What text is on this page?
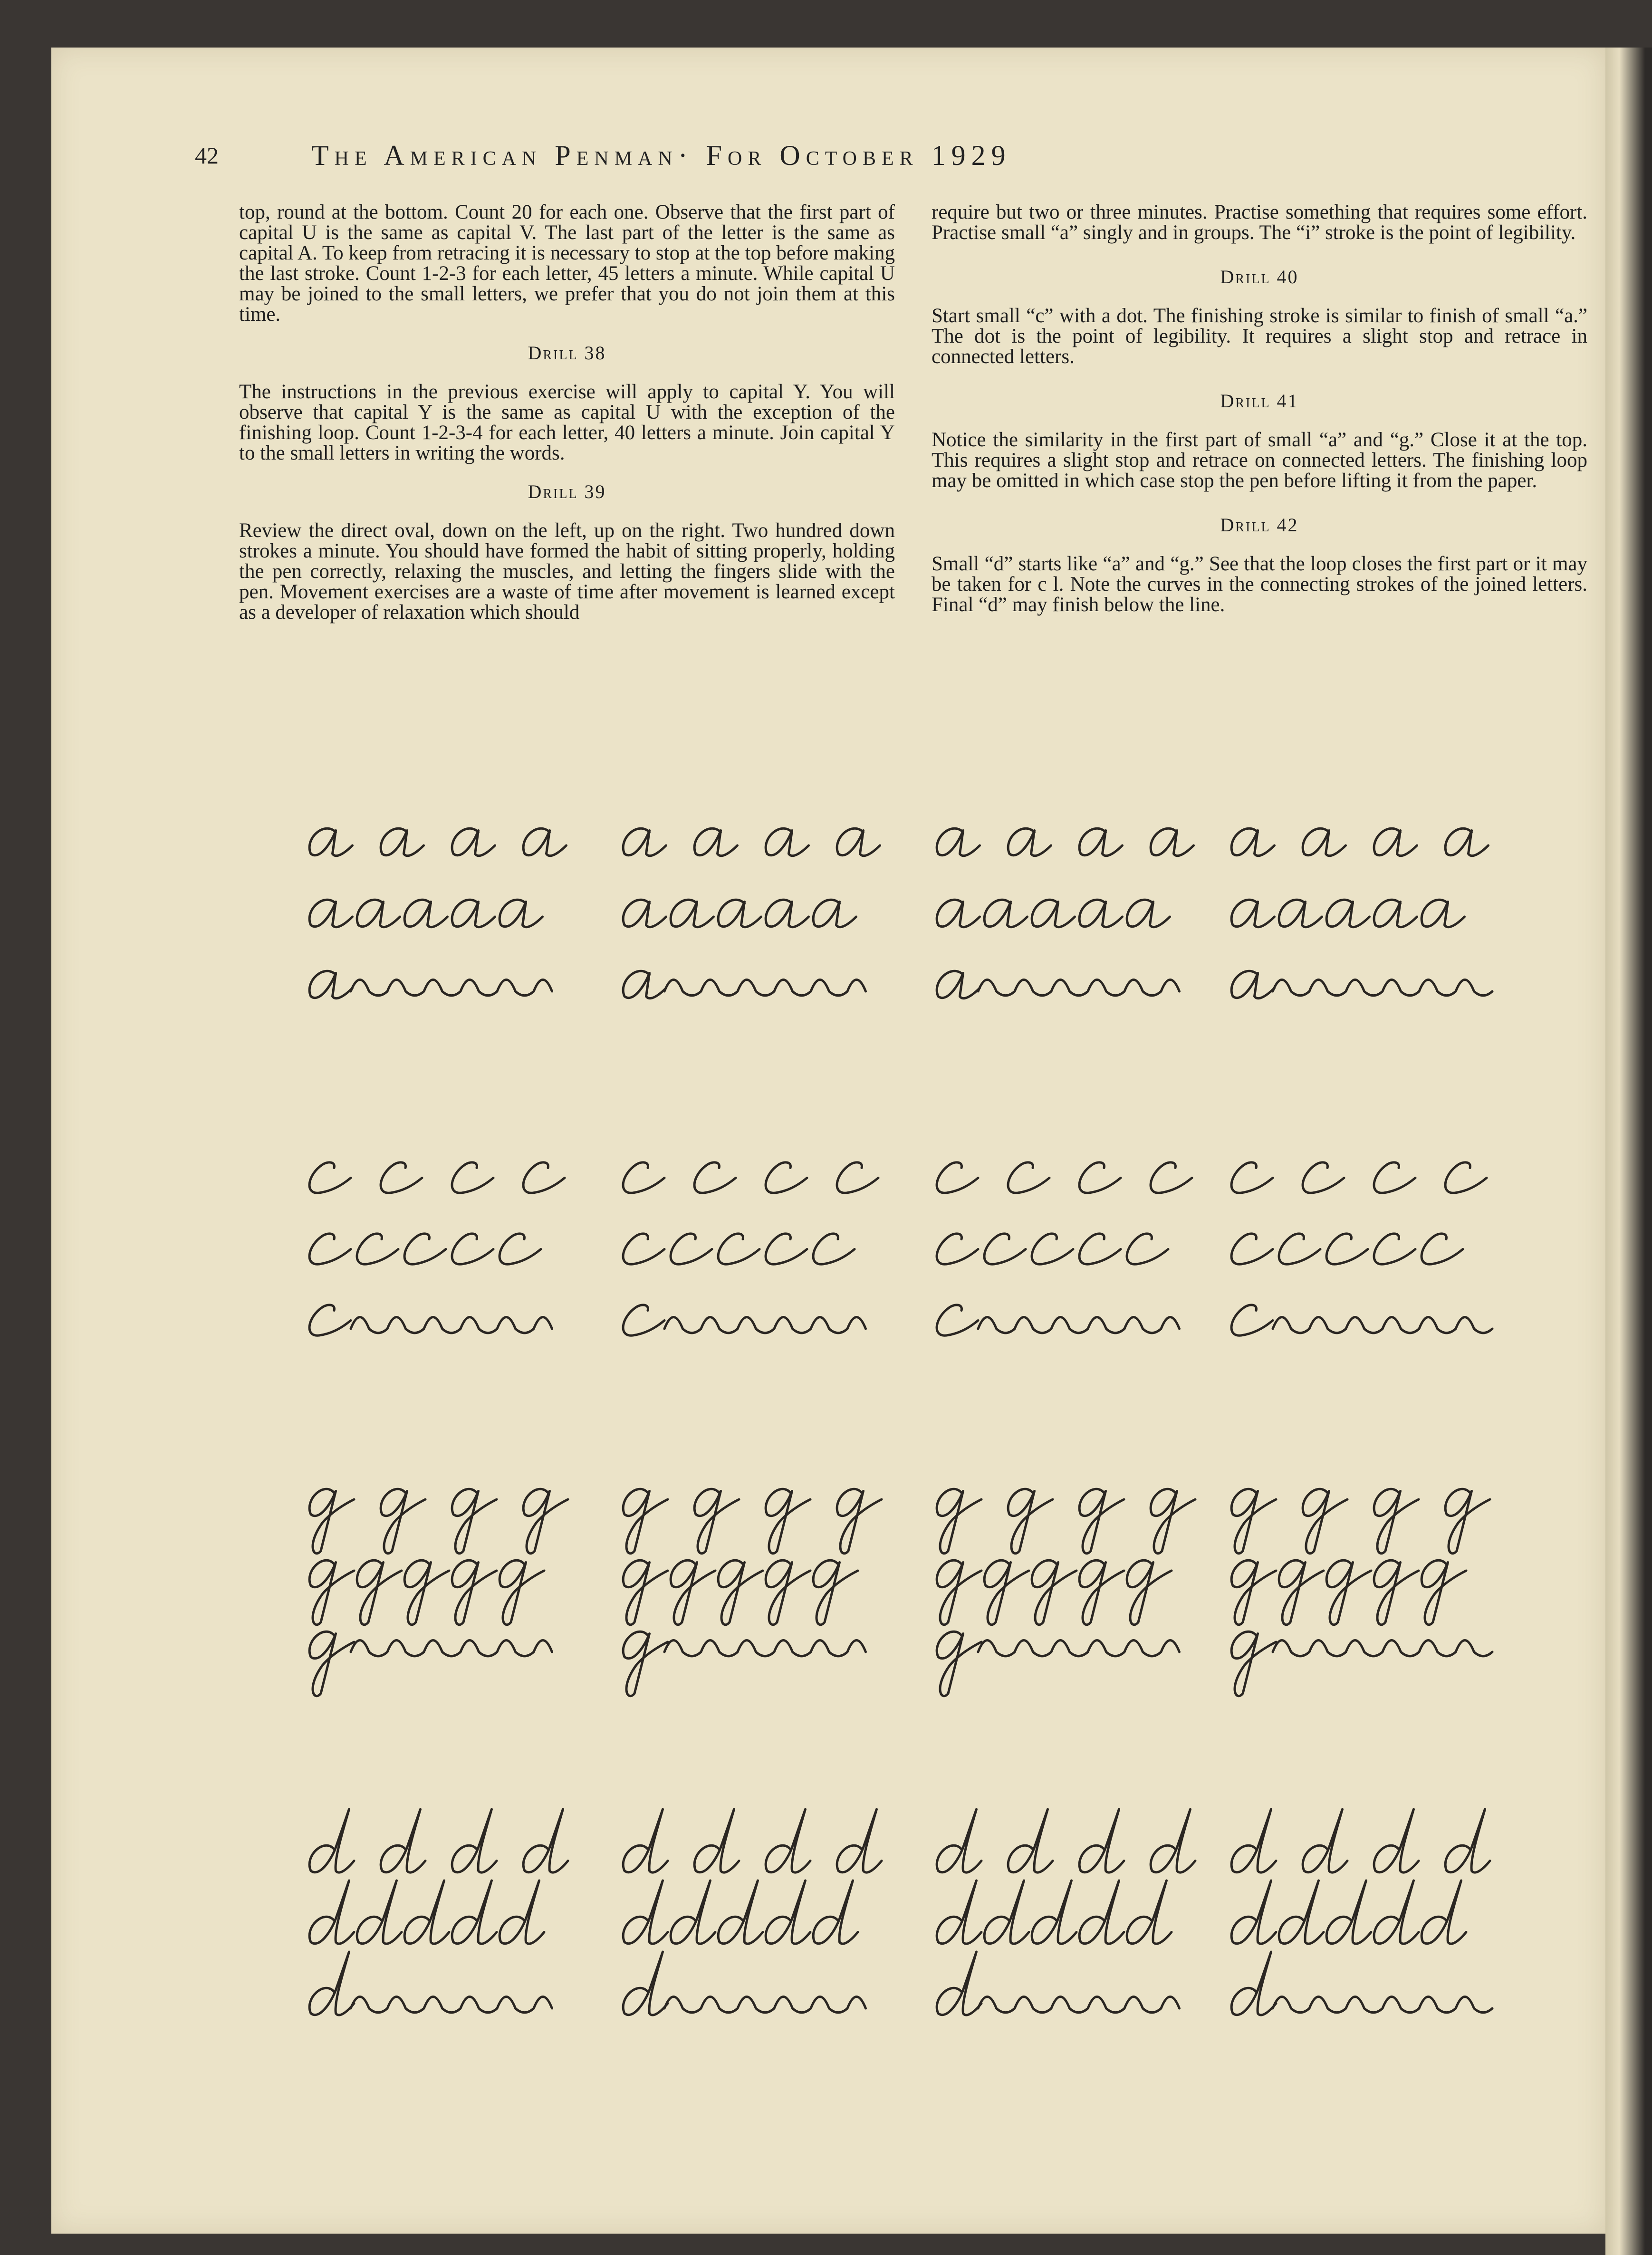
42	The American Penman· For October 1929

top, round at the bottom. Count 20 for each one. Observe that the first part of capital U is the same as capital V. The last part of the letter is the same as capital A. To keep from retracing it is necessary to stop at the top before making the last stroke. Count 1-2-3 for each letter, 45 letters a minute. While capital U may be joined to the small letters, we prefer that you do not join them at this time.

Drill 38

The instructions in the previous exercise will apply to capital Y. You will observe that capital Y is the same as capital U with the exception of the finishing loop. Count 1-2-3-4 for each letter, 40 letters a minute. Join capital Y to the small letters in writing the words.

Drill 39

Review the direct oval, down on the left, up on the right. Two hundred down strokes a minute. You should have formed the habit of sitting properly, holding the pen correctly, relaxing the muscles, and letting the fingers slide with the pen. Movement exercises are a waste of time after movement is learned except as a developer of relaxation which should

require but two or three minutes. Practise something that requires some effort. Practise small “a” singly and in groups. The “i” stroke is the point of legibility.

Drill 40

Start small “c” with a dot. The finishing stroke is similar to finish of small “a.” The dot is the point of legibility. It requires a slight stop and retrace in connected letters.

Drill 41

Notice the similarity in the first part of small “a” and “g.” Close it at the top. This requires a slight stop and retrace on connected letters. The finishing loop may be omitted in which case stop the pen before lifting it from the paper.

Drill 42

Small “d” starts like “a” and “g.” See that the loop closes the first part or it may be taken for c l. Note the curves in the connecting strokes of the joined letters. Final “d” may finish below the line.
